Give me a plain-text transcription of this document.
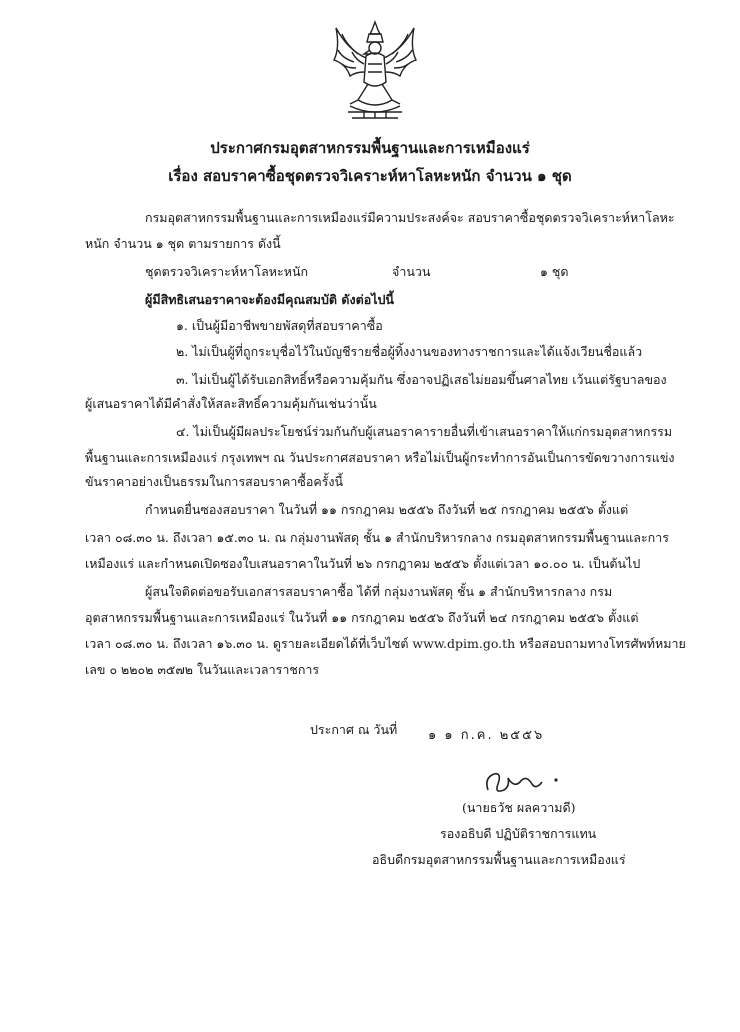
ประกาศกรมอุตสาหกรรมพื้นฐานและการเหมืองแร่
เรื่อง สอบราคาซื้อชุดตรวจวิเคราะห์หาโลหะหนัก จำนวน ๑ ชุด
กรมอุตสาหกรรมพื้นฐานและการเหมืองแร่มีความประสงค์จะ สอบราคาซื้อชุดตรวจวิเคราะห์หาโลหะ
หนัก จำนวน ๑ ชุด ตามรายการ ดังนี้
ชุดตรวจวิเคราะห์หาโลหะหนัก	จำนวน	๑ ชุด
ผู้มีสิทธิเสนอราคาจะต้องมีคุณสมบัติ ดังต่อไปนี้
๑. เป็นผู้มีอาชีพขายพัสดุที่สอบราคาซื้อ
๒. ไม่เป็นผู้ที่ถูกระบุชื่อไว้ในบัญชีรายชื่อผู้ทิ้งงานของทางราชการและได้แจ้งเวียนชื่อแล้ว
๓. ไม่เป็นผู้ได้รับเอกสิทธิ์หรือความคุ้มกัน ซึ่งอาจปฏิเสธไม่ยอมขึ้นศาลไทย เว้นแต่รัฐบาลของ
ผู้เสนอราคาได้มีคำสั่งให้สละสิทธิ์ความคุ้มกันเช่นว่านั้น
๔. ไม่เป็นผู้มีผลประโยชน์ร่วมกันกับผู้เสนอราคารายอื่นที่เข้าเสนอราคาให้แก่กรมอุตสาหกรรม
พื้นฐานและการเหมืองแร่ กรุงเทพฯ ณ วันประกาศสอบราคา หรือไม่เป็นผู้กระทำการอันเป็นการขัดขวางการแข่ง
ขันราคาอย่างเป็นธรรมในการสอบราคาซื้อครั้งนี้
กำหนดยื่นซองสอบราคา ในวันที่ ๑๑ กรกฎาคม ๒๕๕๖ ถึงวันที่ ๒๕ กรกฎาคม ๒๕๕๖ ตั้งแต่
เวลา ๐๘.๓๐ น. ถึงเวลา ๑๕.๓๐ น. ณ กลุ่มงานพัสดุ ชั้น ๑ สำนักบริหารกลาง กรมอุตสาหกรรมพื้นฐานและการ
เหมืองแร่ และกำหนดเปิดซองใบเสนอราคาในวันที่ ๒๖ กรกฎาคม ๒๕๕๖ ตั้งแต่เวลา ๑๐.๐๐ น. เป็นต้นไป
ผู้สนใจติดต่อขอรับเอกสารสอบราคาซื้อ ได้ที่ กลุ่มงานพัสดุ ชั้น ๑ สำนักบริหารกลาง กรม
อุตสาหกรรมพื้นฐานและการเหมืองแร่ ในวันที่ ๑๑ กรกฎาคม ๒๕๕๖ ถึงวันที่ ๒๔ กรกฎาคม ๒๕๕๖ ตั้งแต่
เวลา ๐๘.๓๐ น. ถึงเวลา ๑๖.๓๐ น. ดูรายละเอียดได้ที่เว็บไซต์ www.dpim.go.th หรือสอบถามทางโทรศัพท์หมาย
เลข ๐ ๒๒๐๒ ๓๕๗๒ ในวันและเวลาราชการ
ประกาศ ณ วันที่ ๑ ๑ ก.ค. ๒๕๕๖
(นายธวัช ผลความดี)
รองอธิบดี ปฏิบัติราชการแทน
อธิบดีกรมอุตสาหกรรมพื้นฐานและการเหมืองแร่
